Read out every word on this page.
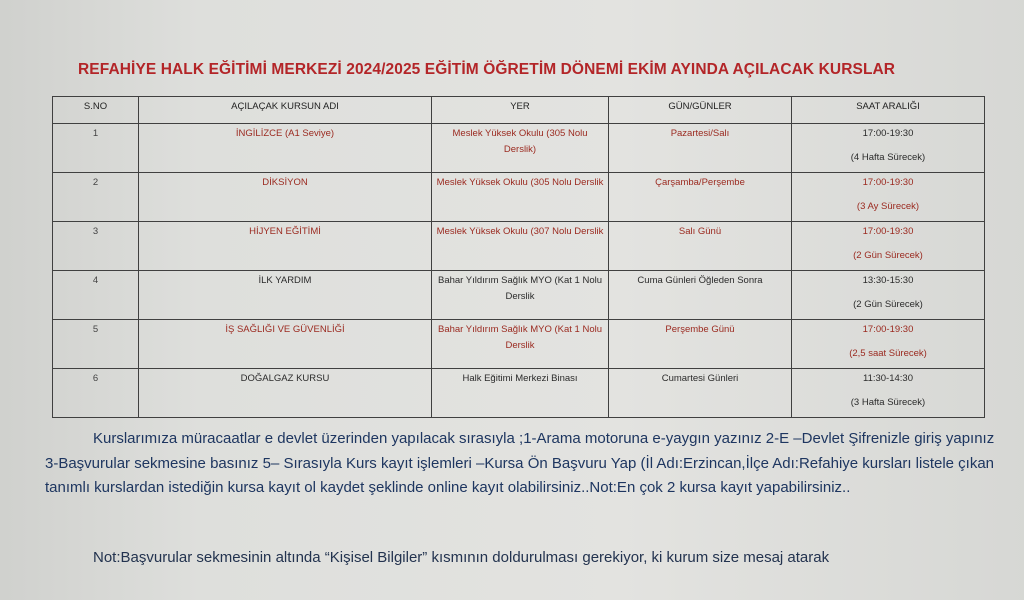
REFAHİYE HALK EĞİTİMİ MERKEZİ 2024/2025 EĞİTİM ÖĞRETİM DÖNEMİ EKİM AYINDA AÇILACAK KURSLAR
S.NO	AÇILAÇAK KURSUN ADI	YER	GÜN/GÜNLER	SAAT ARALIĞI
1	İNGİLİZCE (A1 Seviye)	Meslek Yüksek Okulu (305 Nolu Derslik)	Pazartesi/Salı	17:00-19:30
(4 Hafta Sürecek)

2	DİKSİYON	Meslek Yüksek Okulu (305 Nolu Derslik	Çarşamba/Perşembe	17:00-19:30
(3 Ay Sürecek)

3	HİJYEN EĞİTİMİ	Meslek Yüksek Okulu (307 Nolu Derslik	Salı Günü	17:00-19:30
(2 Gün Sürecek)

4	İLK YARDIM	Bahar Yıldırım Sağlık MYO (Kat 1 Nolu Derslik	Cuma Günleri Öğleden Sonra	13:30-15:30
(2 Gün Sürecek)

5	İŞ SAĞLIĞI VE GÜVENLİĞİ	Bahar Yıldırım Sağlık MYO (Kat 1 Nolu Derslik	Perşembe Günü	17:00-19:30
(2,5 saat Sürecek)

6	DOĞALGAZ KURSU	Halk Eğitimi Merkezi Binası	Cumartesi Günleri	11:30-14:30
(3 Hafta Sürecek)
Kurslarımıza müracaatlar e devlet üzerinden yapılacak sırasıyla ;1-Arama motoruna e-yaygın yazınız 2-E –Devlet Şifrenizle giriş yapınız 3-Başvurular sekmesine basınız 5– Sırasıyla Kurs kayıt işlemleri –Kursa Ön Başvuru Yap (İl Adı:Erzincan,İlçe Adı:Refahiye kursları listele çıkan tanımlı kurslardan istediğin kursa kayıt ol kaydet şeklinde online kayıt olabilirsiniz..Not:En çok 2 kursa kayıt yapabilirsiniz..
Not:Başvurular sekmesinin altında “Kişisel Bilgiler” kısmının doldurulması gerekiyor, ki kurum size mesaj atarak
